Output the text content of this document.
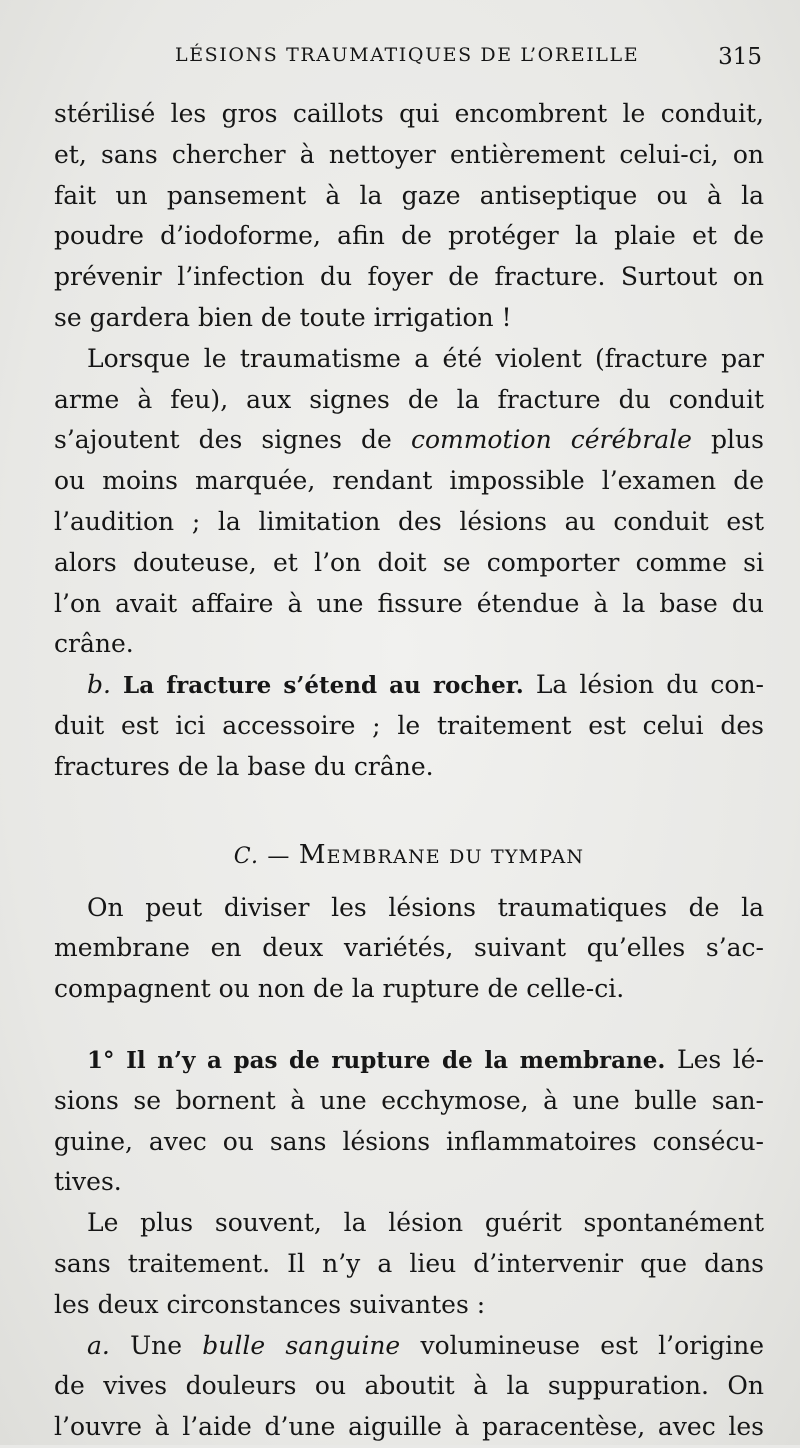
LÉSIONS TRAUMATIQUES DE L’OREILLE	315
stérilisé les gros caillots qui encombrent le conduit,
et, sans chercher à nettoyer entièrement celui-ci, on
fait un pansement à la gaze antiseptique ou à la
poudre d’iodoforme, afin de protéger la plaie et de
prévenir l’infection du foyer de fracture. Surtout on
se gardera bien de toute irrigation !
Lorsque le traumatisme a été violent (fracture par
arme à feu), aux signes de la fracture du conduit
s’ajoutent des signes de commotion cérébrale plus
ou moins marquée, rendant impossible l’examen de
l’audition ; la limitation des lésions au conduit est
alors douteuse, et l’on doit se comporter comme si
l’on avait affaire à une fissure étendue à la base du
crâne.
b. La fracture s’étend au rocher. La lésion du con-
duit est ici accessoire ; le traitement est celui des
fractures de la base du crâne.
C. — MEMBRANE DU TYMPAN
On peut diviser les lésions traumatiques de la
membrane en deux variétés, suivant qu’elles s’ac-
compagnent ou non de la rupture de celle-ci.
1° Il n’y a pas de rupture de la membrane. Les lé-
sions se bornent à une ecchymose, à une bulle san-
guine, avec ou sans lésions inflammatoires consécu-
tives.
Le plus souvent, la lésion guérit spontanément
sans traitement. Il n’y a lieu d’intervenir que dans
les deux circonstances suivantes :
a. Une bulle sanguine volumineuse est l’origine
de vives douleurs ou aboutit à la suppuration. On
l’ouvre à l’aide d’une aiguille à paracentèse, avec les
